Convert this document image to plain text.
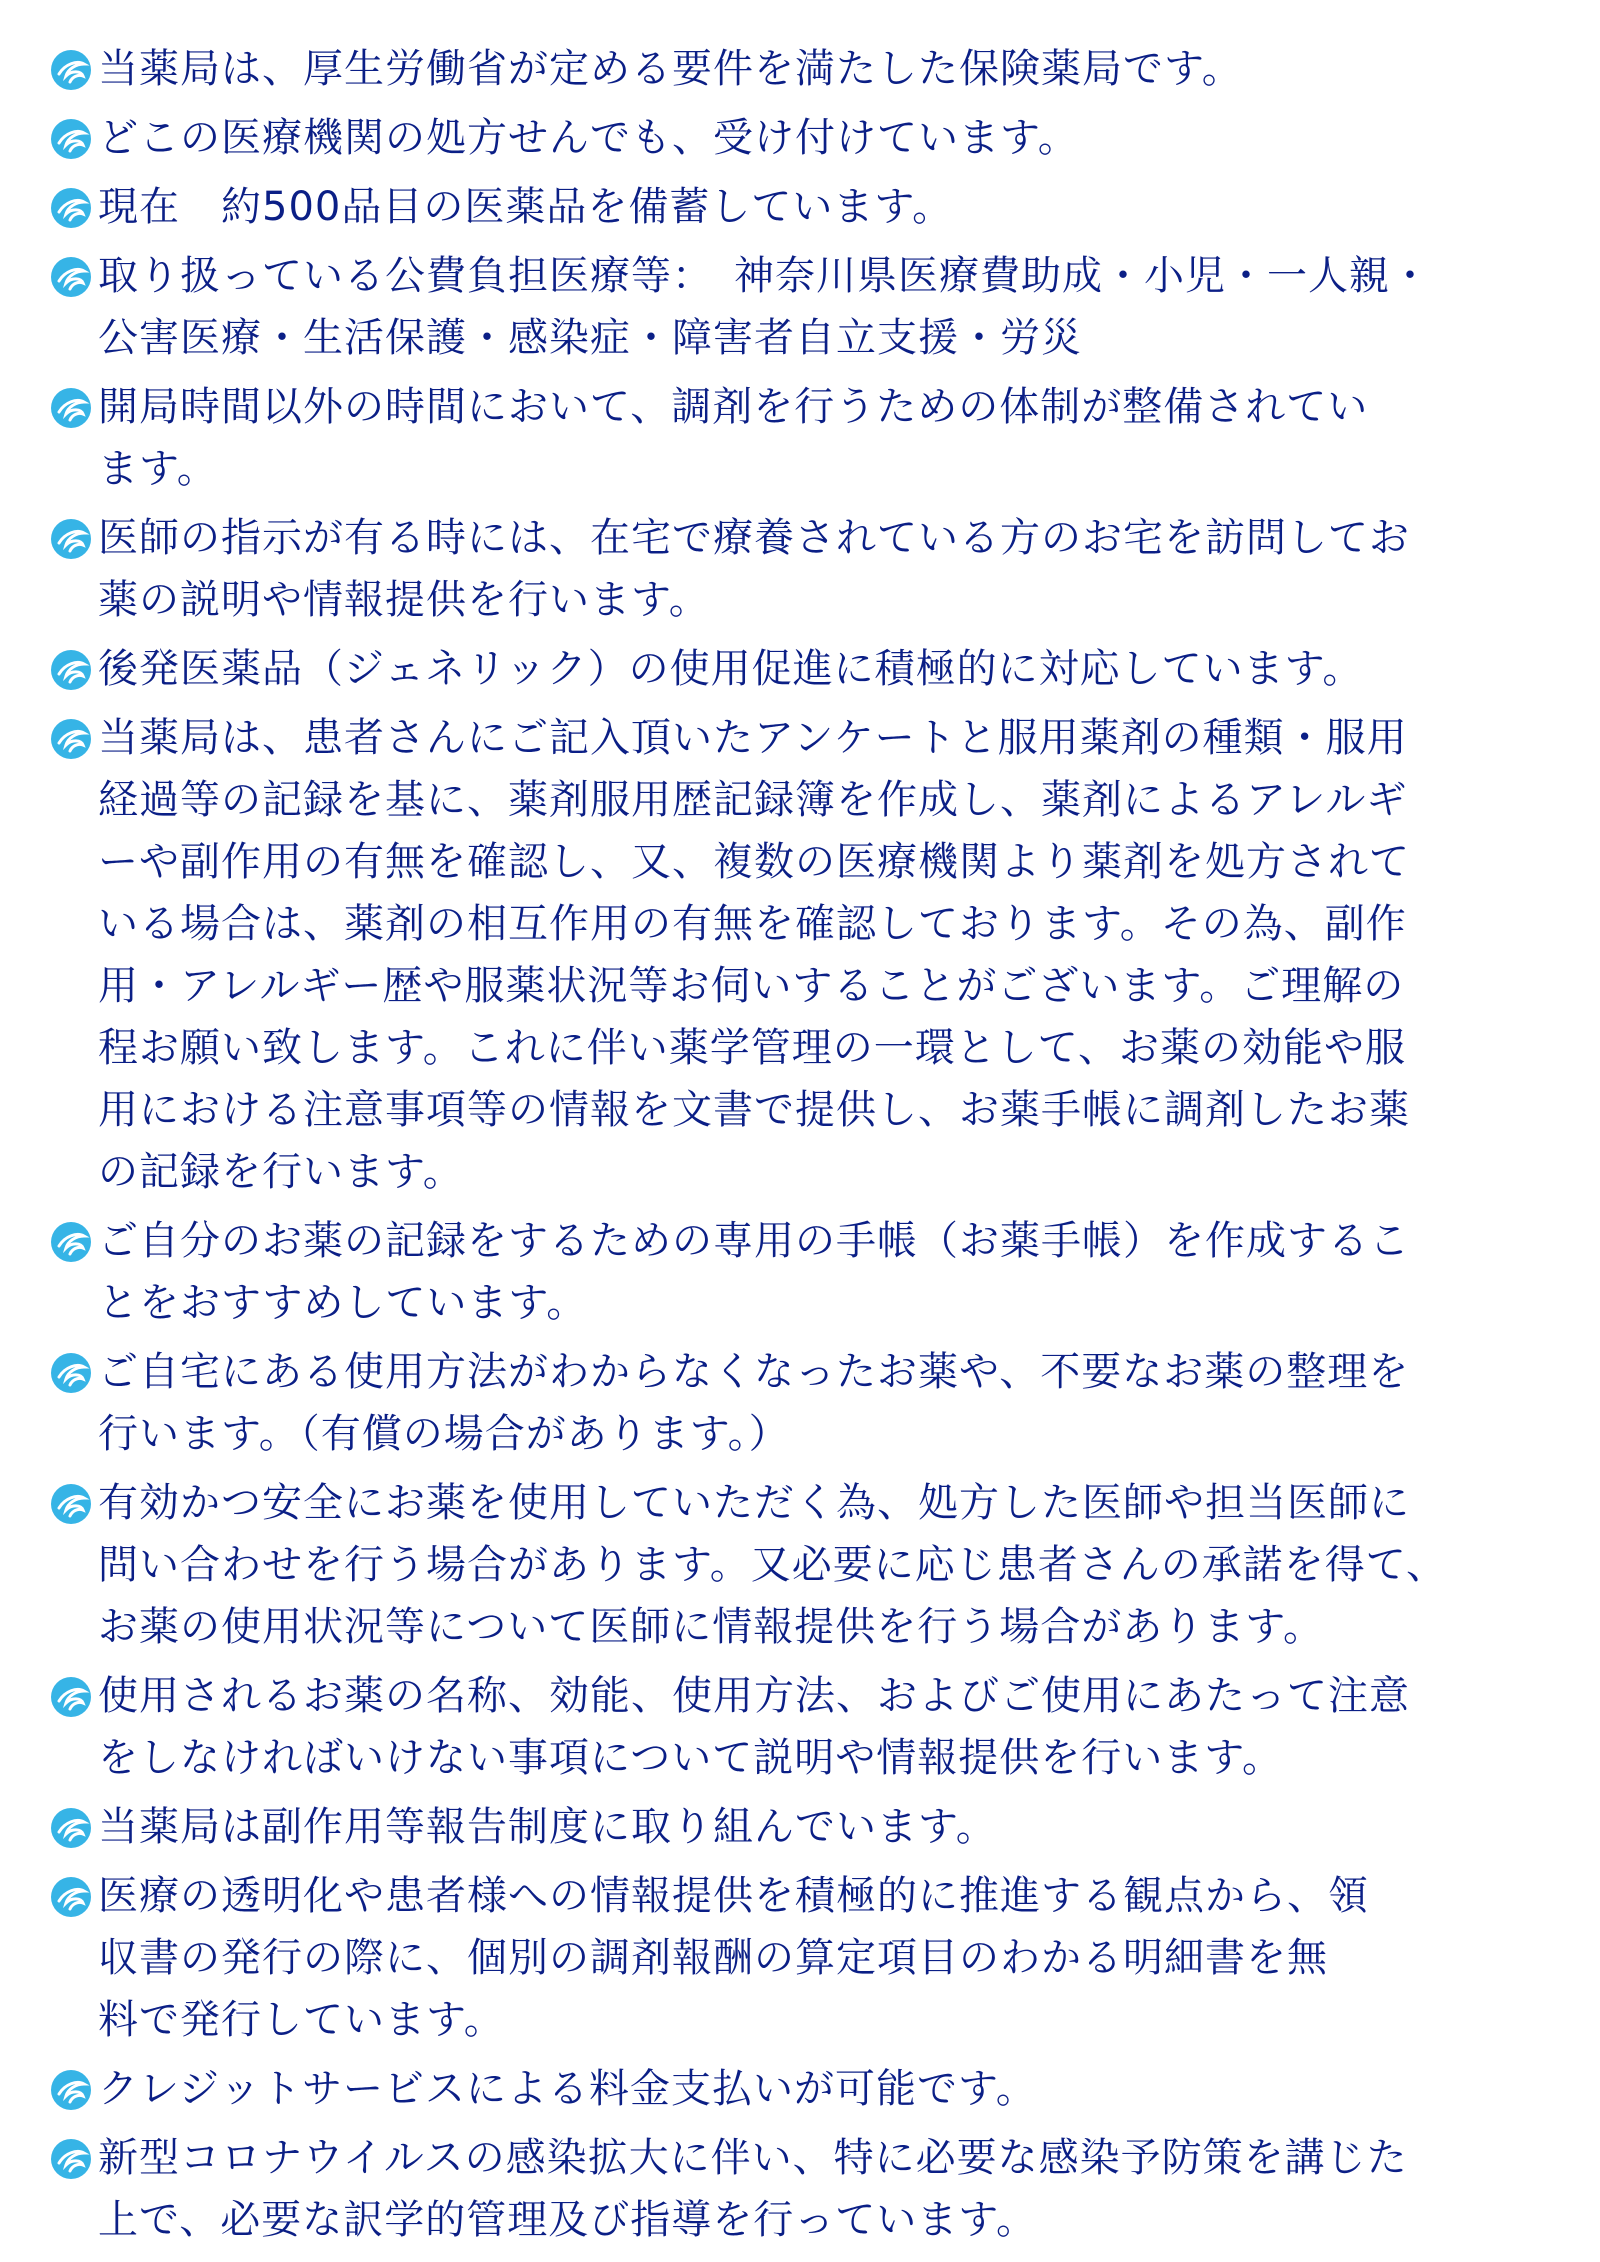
当薬局は、厚生労働省が定める要件を満たした保険薬局です。
どこの医療機関の処方せんでも、受け付けています。
現在　約500品目の医薬品を備蓄しています。
取り扱っている公費負担医療等：　神奈川県医療費助成・小児・一人親・
公害医療・生活保護・感染症・障害者自立支援・労災
開局時間以外の時間において、調剤を行うための体制が整備されてい
ます。
医師の指示が有る時には、在宅で療養されている方のお宅を訪問してお
薬の説明や情報提供を行います。
後発医薬品（ジェネリック）の使用促進に積極的に対応しています。
当薬局は、患者さんにご記入頂いたアンケートと服用薬剤の種類・服用
経過等の記録を基に、薬剤服用歴記録簿を作成し、薬剤によるアレルギ
ーや副作用の有無を確認し、又、複数の医療機関より薬剤を処方されて
いる場合は、薬剤の相互作用の有無を確認しております。その為、副作
用・アレルギー歴や服薬状況等お伺いすることがございます。ご理解の
程お願い致します。これに伴い薬学管理の一環として、お薬の効能や服
用における注意事項等の情報を文書で提供し、お薬手帳に調剤したお薬
の記録を行います。
ご自分のお薬の記録をするための専用の手帳（お薬手帳）を作成するこ
とをおすすめしています。
ご自宅にある使用方法がわからなくなったお薬や、不要なお薬の整理を
行います。（有償の場合があります。）
有効かつ安全にお薬を使用していただく為、処方した医師や担当医師に
問い合わせを行う場合があります。又必要に応じ患者さんの承諾を得て、
お薬の使用状況等について医師に情報提供を行う場合があります。
使用されるお薬の名称、効能、使用方法、およびご使用にあたって注意
をしなければいけない事項について説明や情報提供を行います。
当薬局は副作用等報告制度に取り組んでいます。
医療の透明化や患者様への情報提供を積極的に推進する観点から、領
収書の発行の際に、個別の調剤報酬の算定項目のわかる明細書を無
料で発行しています。
クレジットサービスによる料金支払いが可能です。
新型コロナウイルスの感染拡大に伴い、特に必要な感染予防策を講じた
上で、必要な訳学的管理及び指導を行っています。
